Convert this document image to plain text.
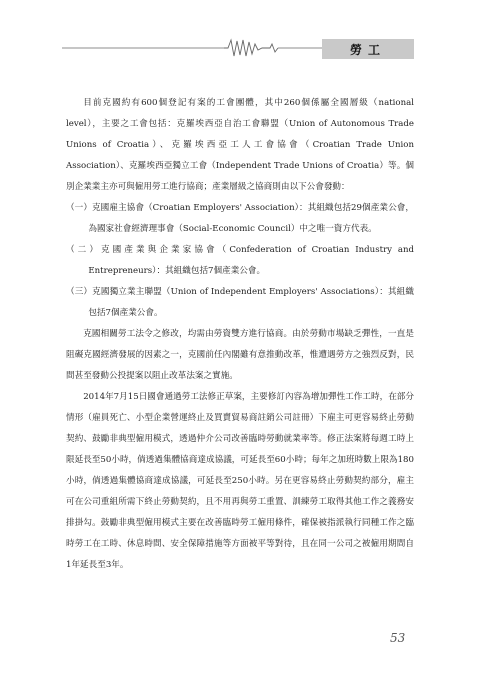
勞工

目前克國約有600個登記有案的工會團體，其中260個係屬全國層級（national level），主要之工會包括：克羅埃西亞自治工會聯盟（Union of Autonomous Trade Unions of Croatia）、克羅埃西亞工人工會協會（Croatian Trade Union Association）、克羅埃西亞獨立工會（Independent Trade Unions of Croatia）等。個別企業業主亦可與僱用勞工進行協商；產業層級之協商則由以下公會發動：

（一）克國雇主協會（Croatian Employers' Association）：其組織包括29個產業公會，為國家社會經濟理事會（Social-Economic Council）中之唯一資方代表。

（二）克國產業與企業家協會（Confederation of Croatian Industry and Entrepreneurs）：其組織包括7個產業公會。

（三）克國獨立業主聯盟（Union of Independent Employers' Associations）：其組織包括7個產業公會。

克國相關勞工法令之修改，均需由勞資雙方進行協商。由於勞動市場缺乏彈性，一直是阻礙克國經濟發展的因素之一，克國前任內閣雖有意推動改革，惟遭遇勞方之強烈反對，民間甚至發動公投提案以阻止改革法案之實施。

2014年7月15日國會通過勞工法修正草案，主要修訂內容為增加彈性工作工時，在部分情形（雇員死亡、小型企業營運終止及買賣貿易商註銷公司註冊）下雇主可更容易終止勞動契約、鼓勵非典型僱用模式，透過仲介公司改善臨時勞動就業率等。修正法案將每週工時上限延長至50小時，倘透過集體協商達成協議，可延長至60小時；每年之加班時數上限為180小時，倘透過集體協商達成協議，可延長至250小時。另在更容易終止勞動契約部分，雇主可在公司重組所需下終止勞動契約，且不用再與勞工重置、訓練勞工取得其他工作之義務安排掛勾。鼓勵非典型僱用模式主要在改善臨時勞工僱用條件，確保被指派執行同種工作之臨時勞工在工時、休息時間、安全保障措施等方面被平等對待，且在同一公司之被僱用期間自1年延長至3年。

53
